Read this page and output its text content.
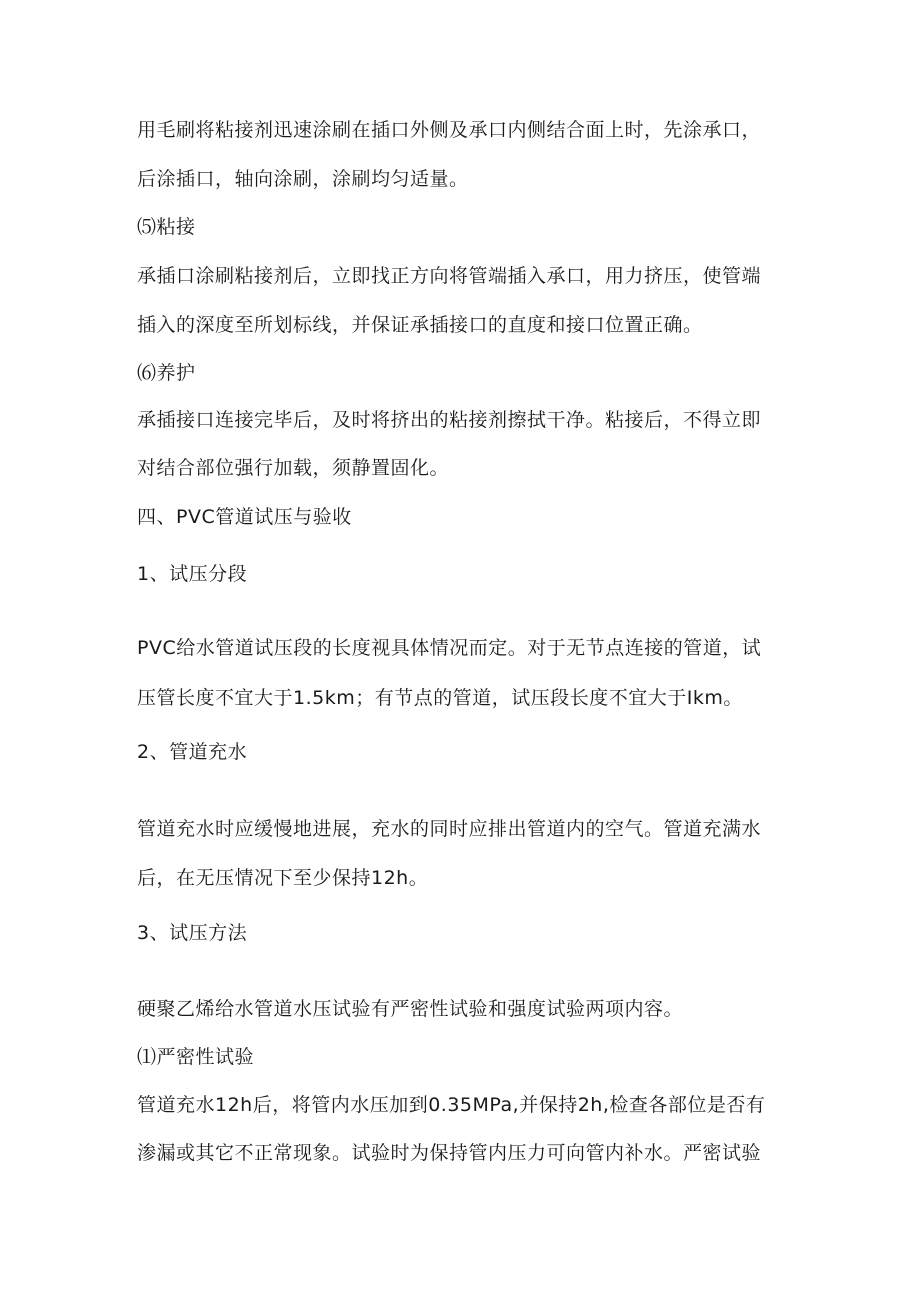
用毛刷将粘接剂迅速涂刷在插口外侧及承口内侧结合面上时，先涂承口，
后涂插口，轴向涂刷，涂刷均匀适量。
⑸粘接
承插口涂刷粘接剂后，立即找正方向将管端插入承口，用力挤压，使管端
插入的深度至所划标线，并保证承插接口的直度和接口位置正确。
⑹养护
承插接口连接完毕后，及时将挤出的粘接剂擦拭干净。粘接后，不得立即
对结合部位强行加载，须静置固化。
四、PVC管道试压与验收
1、试压分段
PVC给水管道试压段的长度视具体情况而定。对于无节点连接的管道，试
压管长度不宜大于1.5km；有节点的管道，试压段长度不宜大于Ikm。
2、管道充水
管道充水时应缓慢地进展，充水的同时应排出管道内的空气。管道充满水
后，在无压情况下至少保持12h。
3、试压方法
硬聚乙烯给水管道水压试验有严密性试验和强度试验两项内容。
⑴严密性试验
管道充水12h后，将管内水压加到0.35MPa,并保持2h,检查各部位是否有
渗漏或其它不正常现象。试验时为保持管内压力可向管内补水。严密试验
